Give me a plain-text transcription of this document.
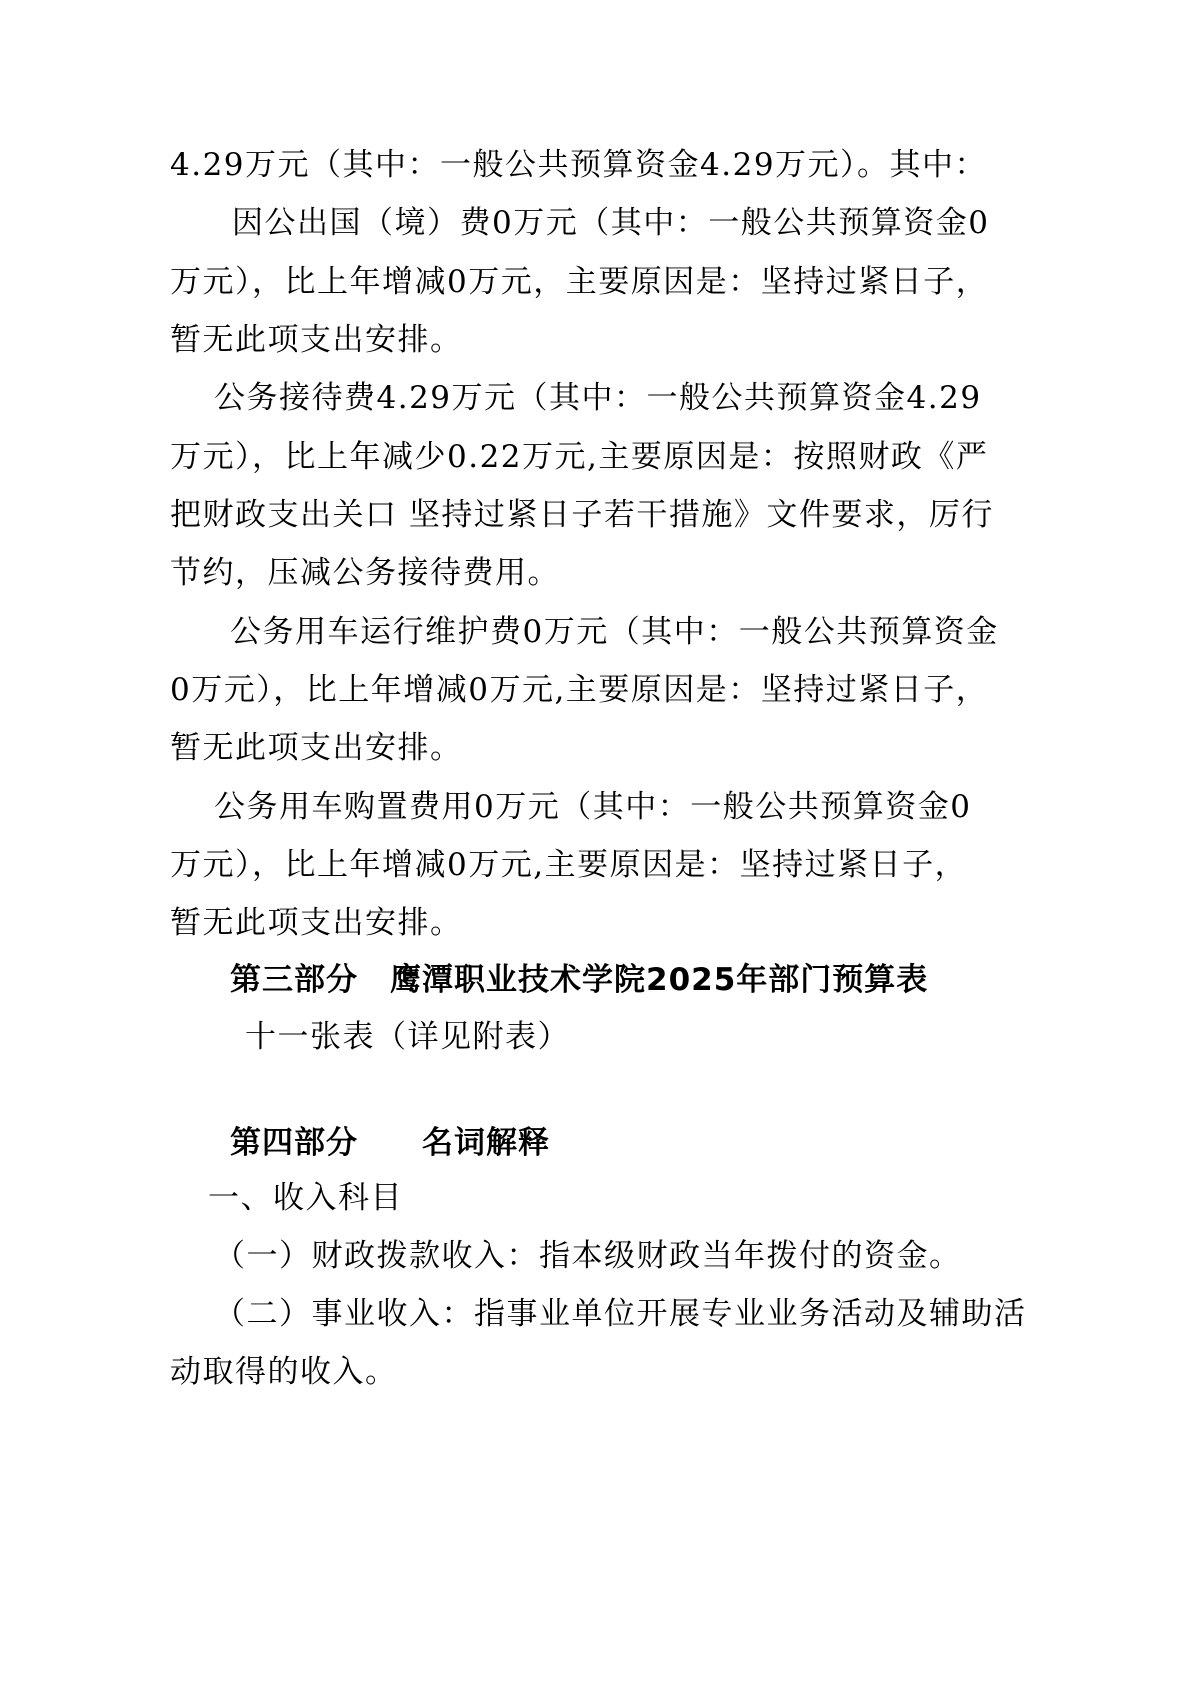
4.29万元（其中：一般公共预算资金4.29万元）。其中：
因公出国（境）费0万元（其中：一般公共预算资金0
万元），比上年增减0万元，主要原因是：坚持过紧日子，
暂无此项支出安排。
公务接待费4.29万元（其中：一般公共预算资金4.29
万元），比上年减少0.22万元,主要原因是：按照财政《严
把财政支出关口 坚持过紧日子若干措施》文件要求，厉行
节约，压减公务接待费用。
公务用车运行维护费0万元（其中：一般公共预算资金
0万元），比上年增减0万元,主要原因是：坚持过紧日子，
暂无此项支出安排。
公务用车购置费用0万元（其中：一般公共预算资金0
万元），比上年增减0万元,主要原因是：坚持过紧日子，
暂无此项支出安排。
第三部分　鹰潭职业技术学院2025年部门预算表
十一张表（详见附表）
第四部分　　名词解释
一、收入科目
（一）财政拨款收入：指本级财政当年拨付的资金。
（二）事业收入：指事业单位开展专业业务活动及辅助活
动取得的收入。
